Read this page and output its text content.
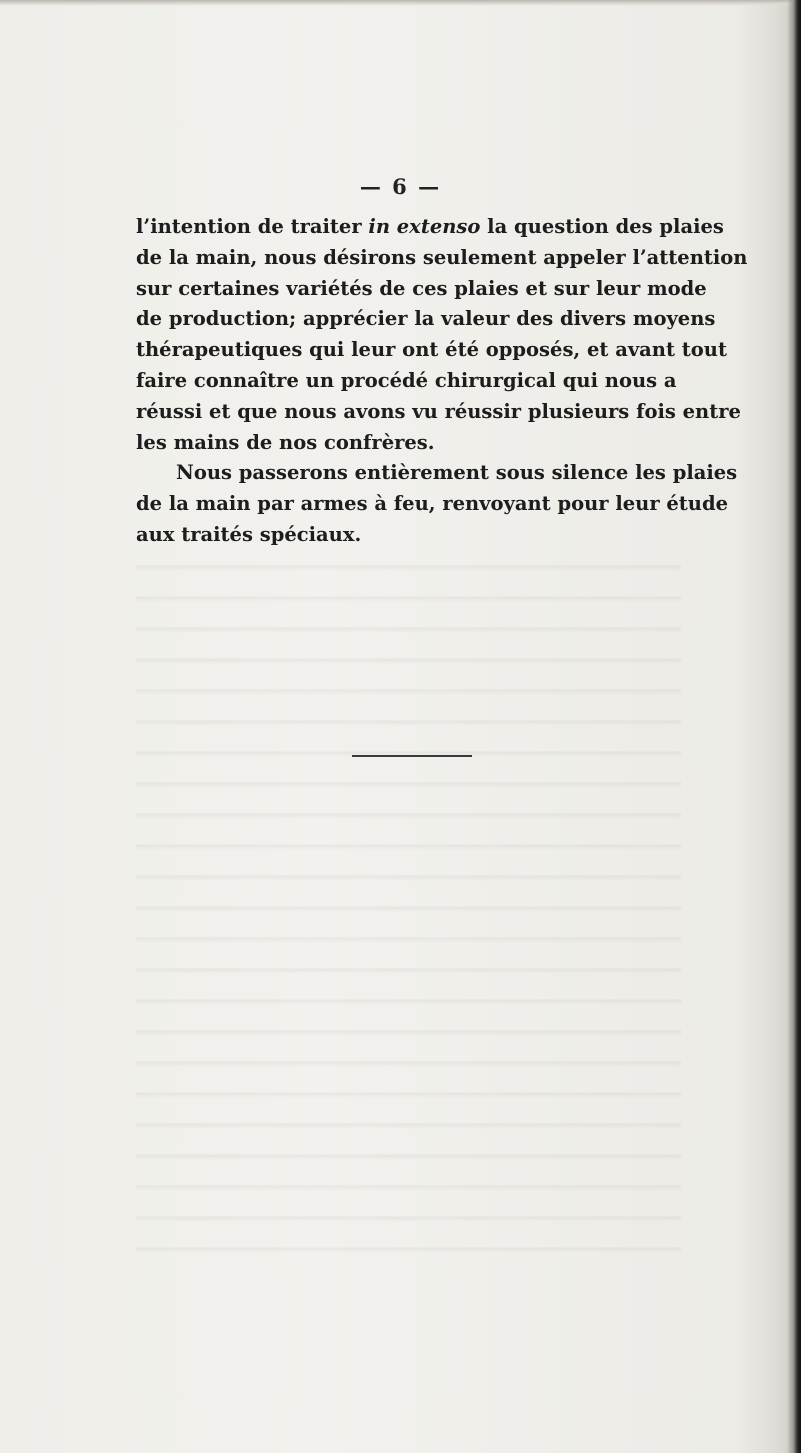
— 6 —
l’intention de traiter in extenso la question des plaies
de la main, nous désirons seulement appeler l’attention
sur certaines variétés de ces plaies et sur leur mode
de production; apprécier la valeur des divers moyens
thérapeutiques qui leur ont été opposés, et avant tout
faire connaître un procédé chirurgical qui nous a
réussi et que nous avons vu réussir plusieurs fois entre
les mains de nos confrères.
Nous passerons entièrement sous silence les plaies
de la main par armes à feu, renvoyant pour leur étude
aux traités spéciaux.
